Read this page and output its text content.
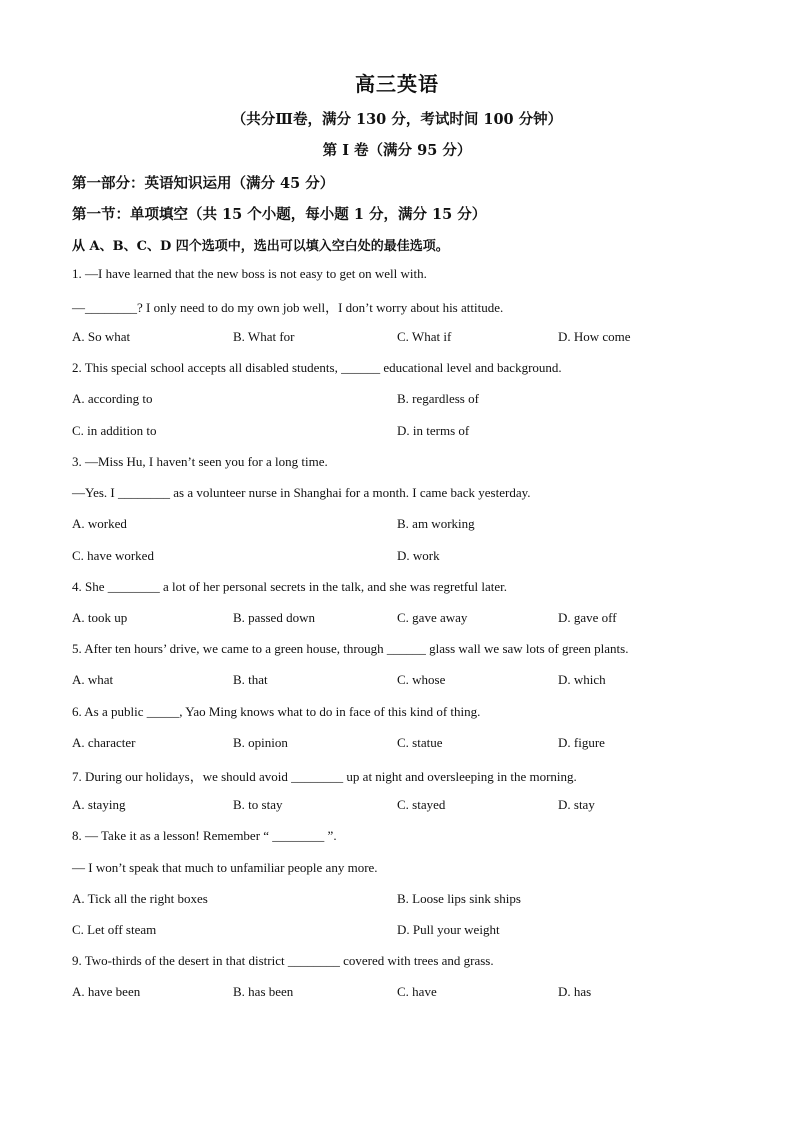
高三英语
（共分Ⅲ卷，满分 130 分，考试时间 100 分钟）
第 I 卷（满分 95 分）
第一部分：英语知识运用（满分 45 分）
第一节：单项填空（共 15 个小题，每小题 1 分，满分 15 分）
从 A、B、C、D 四个选项中，选出可以填入空白处的最佳选项。
1. —I have learned that the new boss is not easy to get on well with.
—________? I only need to do my own job well，I don’t worry about his attitude.
A. So what	B. What for	C. What if	D. How come
2. This special school accepts all disabled students, ______ educational level and background.
A. according to	B. regardless of
C. in addition to	D. in terms of
3. —Miss Hu, I haven’t seen you for a long time.
—Yes. I ________ as a volunteer nurse in Shanghai for a month. I came back yesterday.
A. worked	B. am working
C. have worked	D. work
4. She ________ a lot of her personal secrets in the talk, and she was regretful later.
A. took up	B. passed down	C. gave away	D. gave off
5. After ten hours’ drive, we came to a green house, through ______ glass wall we saw lots of green plants.
A. what	B. that	C. whose	D. which
6. As a public _____, Yao Ming knows what to do in face of this kind of thing.
A. character	B. opinion	C. statue	D. figure
7. During our holidays，we should avoid ________ up at night and oversleeping in the morning.
A. staying	B. to stay	C. stayed	D. stay
8. — Take it as a lesson! Remember “ ________ ”.
— I won’t speak that much to unfamiliar people any more.
A. Tick all the right boxes	B. Loose lips sink ships
C. Let off steam	D. Pull your weight
9. Two-thirds of the desert in that district ________ covered with trees and grass.
A. have been	B. has been	C. have	D. has
